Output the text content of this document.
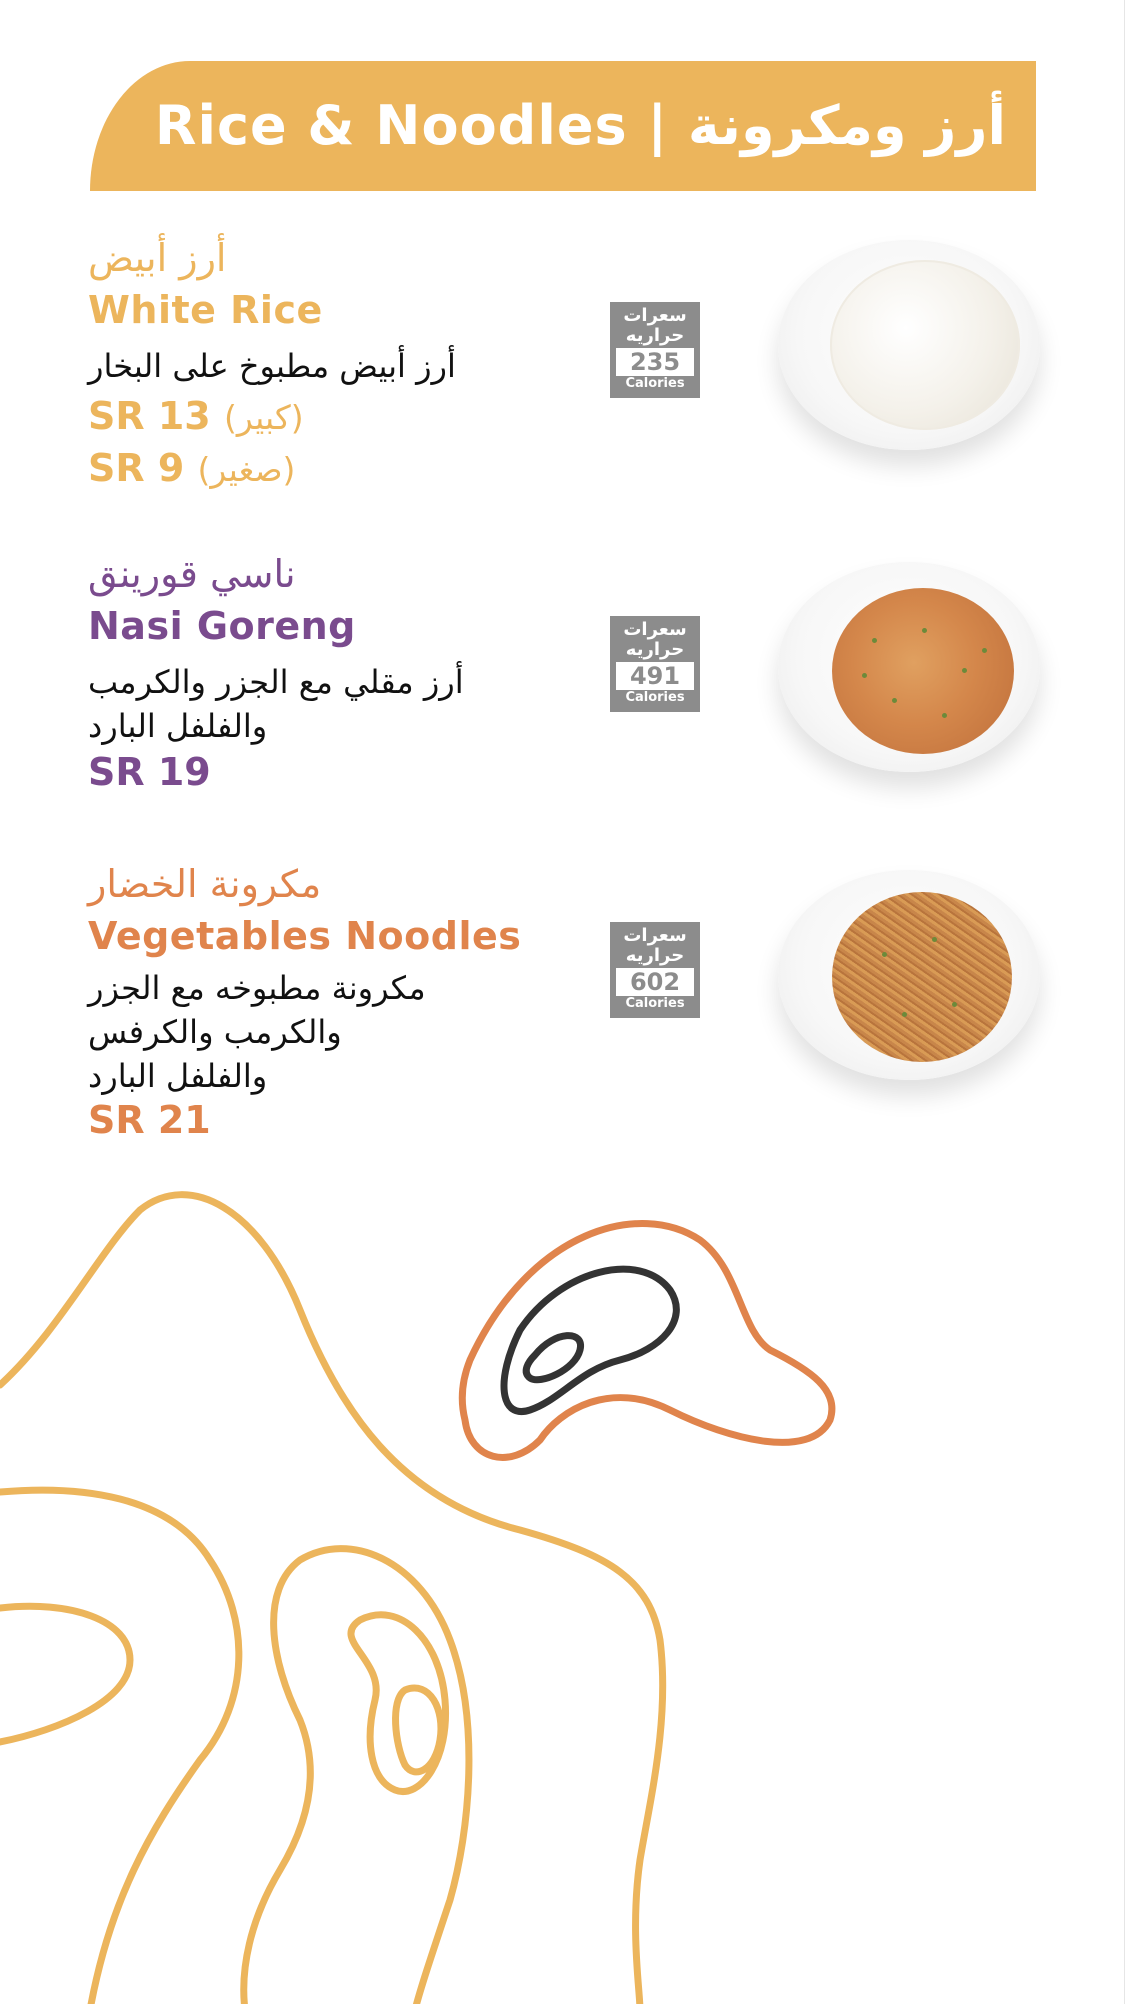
Rice & Noodles | أرز ومكرونة
أرز أبيض
White Rice
أرز أبيض مطبوخ على البخار
SR 13 (كبير)
SR 9 (صغير)
سعرات حراريه
235
Calories
ناسي قورينق
Nasi Goreng
أرز مقلي مع الجزر والكرمب
والفلفل البارد
SR 19
سعرات حراريه
491
Calories
مكرونة الخضار
Vegetables Noodles
مكرونة مطبوخه مع الجزر
والكرمب والكرفس
والفلفل البارد
SR 21
سعرات حراريه
602
Calories
